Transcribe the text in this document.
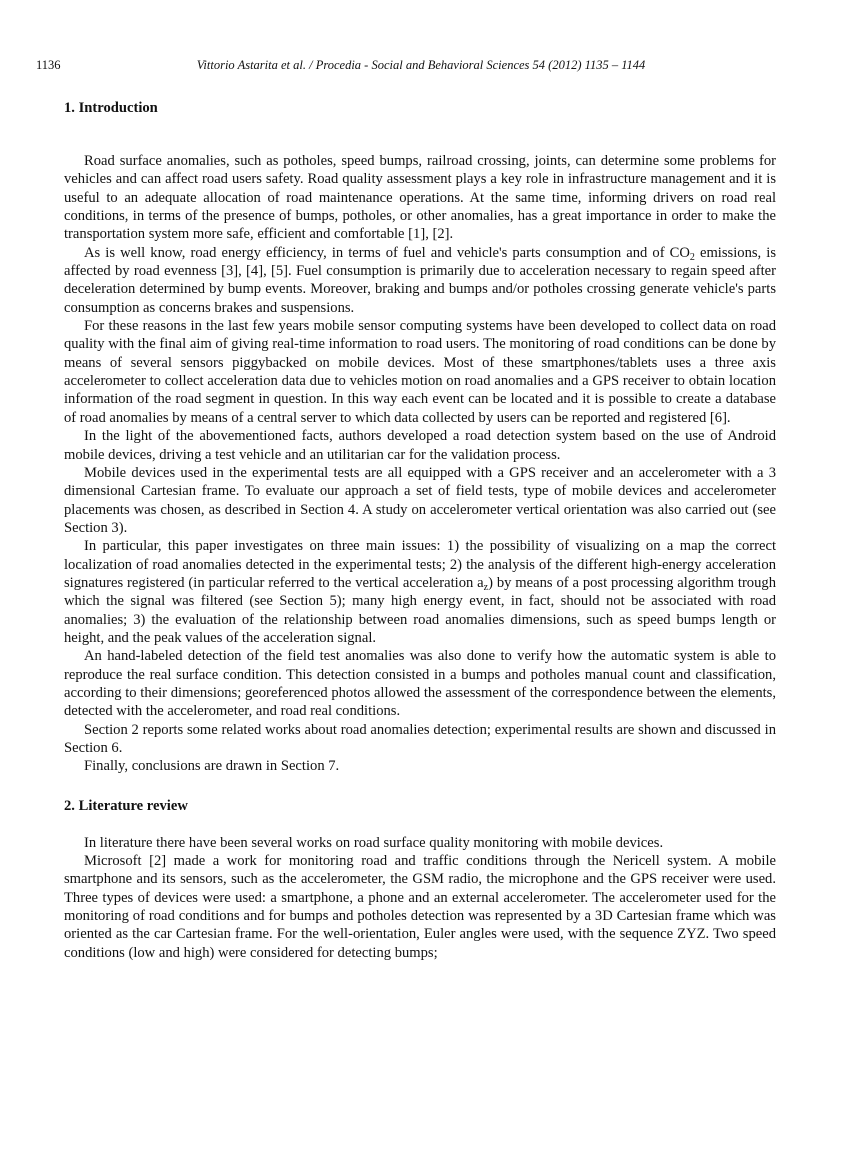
1136	Vittorio Astarita et al. / Procedia - Social and Behavioral Sciences 54 (2012) 1135 – 1144
1. Introduction

Road surface anomalies, such as potholes, speed bumps, railroad crossing, joints, can determine some problems for vehicles and can affect road users safety. Road quality assessment plays a key role in infrastructure management and it is useful to an adequate allocation of road maintenance operations. At the same time, informing drivers on road real conditions, in terms of the presence of bumps, potholes, or other anomalies, has a great importance in order to make the transportation system more safe, efficient and comfortable [1], [2].

As is well know, road energy efficiency, in terms of fuel and vehicle's parts consumption and of $CO_2$ emissions, is affected by road evenness [3], [4], [5]. Fuel consumption is primarily due to acceleration necessary to regain speed after deceleration determined by bump events. Moreover, braking and bumps and/or potholes crossing generate vehicle's parts consumption as concerns brakes and suspensions.

For these reasons in the last few years mobile sensor computing systems have been developed to collect data on road quality with the final aim of giving real-time information to road users. The monitoring of road conditions can be done by means of several sensors piggybacked on mobile devices. Most of these smartphones/tablets uses a three axis accelerometer to collect acceleration data due to vehicles motion on road anomalies and a GPS receiver to obtain location information of the road segment in question. In this way each event can be located and it is possible to create a database of road anomalies by means of a central server to which data collected by users can be reported and registered [6].

In the light of the abovementioned facts, authors developed a road detection system based on the use of Android mobile devices, driving a test vehicle and an utilitarian car for the validation process.

Mobile devices used in the experimental tests are all equipped with a GPS receiver and an accelerometer with a 3 dimensional Cartesian frame. To evaluate our approach a set of field tests, type of mobile devices and accelerometer placements was chosen, as described in Section 4. A study on accelerometer vertical orientation was also carried out (see Section 3).

In particular, this paper investigates on three main issues: 1) the possibility of visualizing on a map the correct localization of road anomalies detected in the experimental tests; 2) the analysis of the different high-energy acceleration signatures registered (in particular referred to the vertical acceleration $a_z$) by means of a post processing algorithm trough which the signal was filtered (see Section 5); many high energy event, in fact, should not be associated with road anomalies; 3) the evaluation of the relationship between road anomalies dimensions, such as speed bumps length or height, and the peak values of the acceleration signal.

An hand-labeled detection of the field test anomalies was also done to verify how the automatic system is able to reproduce the real surface condition. This detection consisted in a bumps and potholes manual count and classification, according to their dimensions; georeferenced photos allowed the assessment of the correspondence between the elements, detected with the accelerometer, and road real conditions.

Section 2 reports some related works about road anomalies detection; experimental results are shown and discussed in Section 6.

Finally, conclusions are drawn in Section 7.

2. Literature review

In literature there have been several works on road surface quality monitoring with mobile devices.

Microsoft [2] made a work for monitoring road and traffic conditions through the Nericell system. A mobile smartphone and its sensors, such as the accelerometer, the GSM radio, the microphone and the GPS receiver were used. Three types of devices were used: a smartphone, a phone and an external accelerometer. The accelerometer used for the monitoring of road conditions and for bumps and potholes detection was represented by a 3D Cartesian frame which was oriented as the car Cartesian frame. For the well-orientation, Euler angles were used, with the sequence ZYZ. Two speed conditions (low and high) were considered for detecting bumps;
